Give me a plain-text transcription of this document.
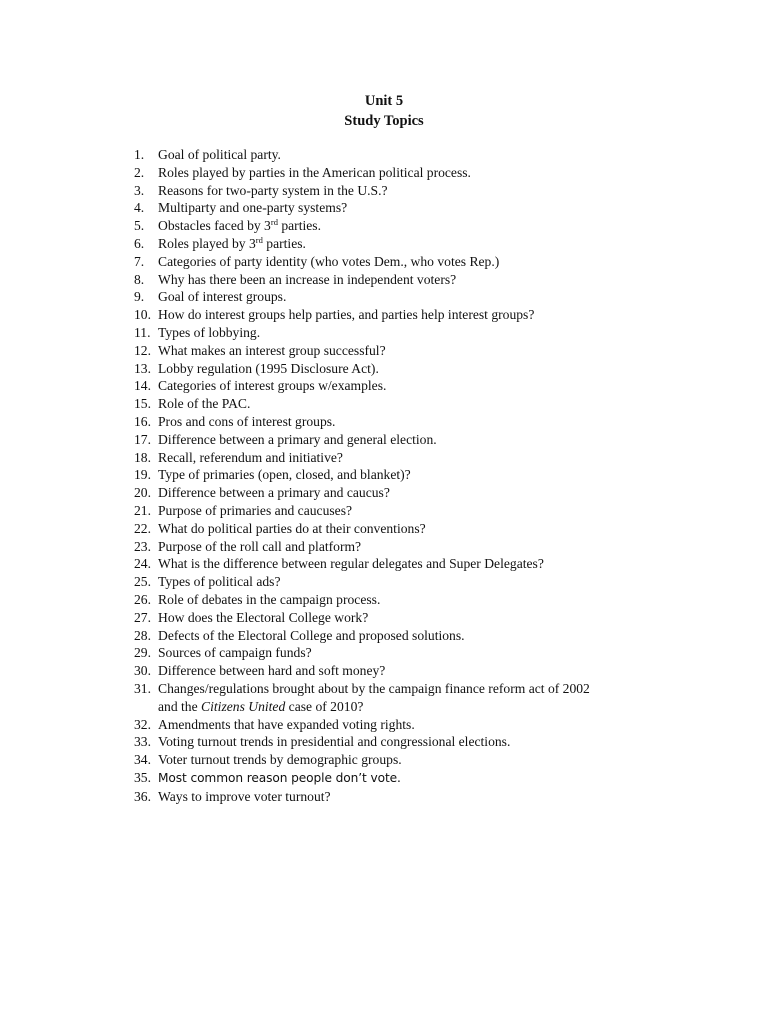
Unit 5
Study Topics
1. Goal of political party.
2. Roles played by parties in the American political process.
3. Reasons for two-party system in the U.S.?
4. Multiparty and one-party systems?
5. Obstacles faced by 3rd parties.
6. Roles played by 3rd parties.
7. Categories of party identity (who votes Dem., who votes Rep.)
8. Why has there been an increase in independent voters?
9. Goal of interest groups.
10. How do interest groups help parties, and parties help interest groups?
11. Types of lobbying.
12. What makes an interest group successful?
13. Lobby regulation (1995 Disclosure Act).
14. Categories of interest groups w/examples.
15. Role of the PAC.
16. Pros and cons of interest groups.
17. Difference between a primary and general election.
18. Recall, referendum and initiative?
19. Type of primaries (open, closed, and blanket)?
20. Difference between a primary and caucus?
21. Purpose of primaries and caucuses?
22. What do political parties do at their conventions?
23. Purpose of the roll call and platform?
24. What is the difference between regular delegates and Super Delegates?
25. Types of political ads?
26. Role of debates in the campaign process.
27. How does the Electoral College work?
28. Defects of the Electoral College and proposed solutions.
29. Sources of campaign funds?
30. Difference between hard and soft money?
31. Changes/regulations brought about by the campaign finance reform act of 2002
and the Citizens United case of 2010?
32. Amendments that have expanded voting rights.
33. Voting turnout trends in presidential and congressional elections.
34. Voter turnout trends by demographic groups.
35. Most common reason people don’t vote.
36. Ways to improve voter turnout?
